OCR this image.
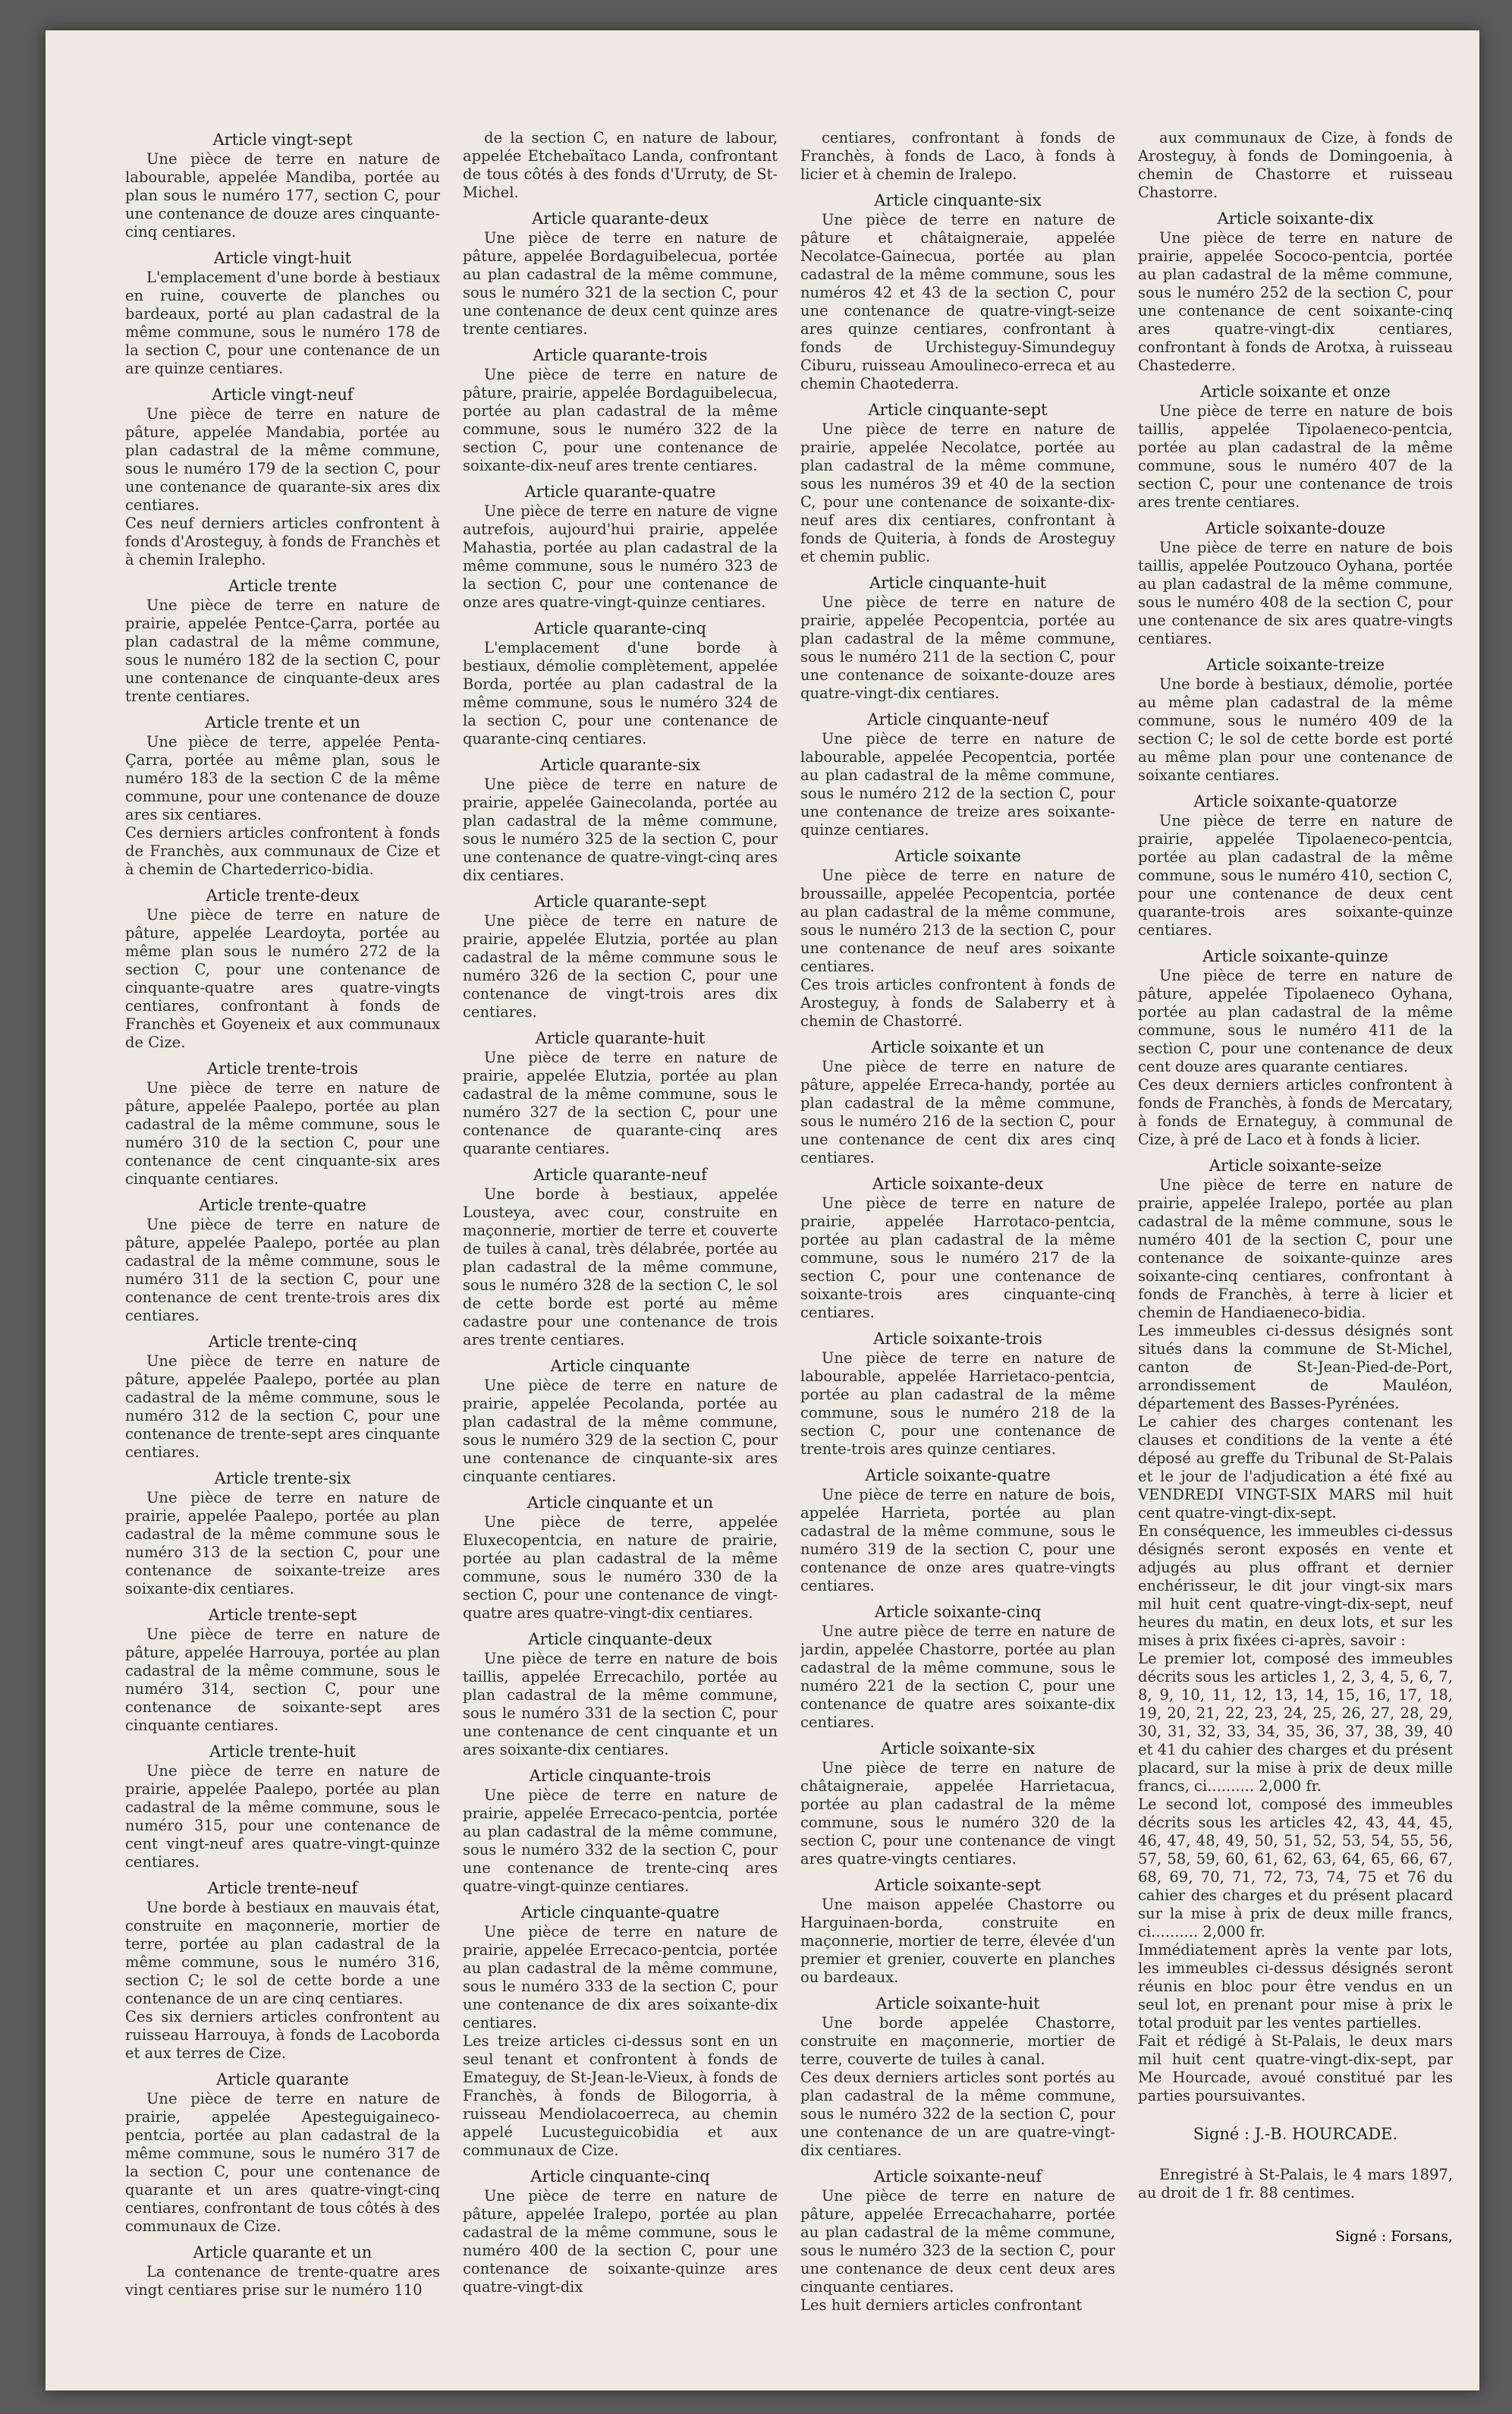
Article vingt-sept

Une pièce de terre en nature de labourable, appelée Mandiba, portée au plan sous le numéro 177, section C, pour une contenance de douze ares cinquante-cinq centiares.

Article vingt-huit

L'emplacement d'une borde à bestiaux en ruine, couverte de planches ou bardeaux, porté au plan cadastral de la même commune, sous le numéro 178 de la section C, pour une contenance de un are quinze centiares.

Article vingt-neuf

Une pièce de terre en nature de pâture, appelée Mandabia, portée au plan cadastral de la même commune, sous le numéro 179 de la section C, pour une contenance de quarante-six ares dix centiares.
Ces neuf derniers articles confrontent à fonds d'Arosteguy, à fonds de Franchès et à chemin Iralepho.

Article trente

Une pièce de terre en nature de prairie, appelée Pentce-Çarra, portée au plan cadastral de la même commune, sous le numéro 182 de la section C, pour une contenance de cinquante-deux ares trente centiares.

Article trente et un

Une pièce de terre, appelée Penta-Çarra, portée au même plan, sous le numéro 183 de la section C de la même commune, pour une contenance de douze ares six centiares.
Ces derniers articles confrontent à fonds de Franchès, aux communaux de Cize et à chemin de Chartederrico-bidia.

Article trente-deux

Une pièce de terre en nature de pâture, appelée Leardoyta, portée au même plan sous le numéro 272 de la section C, pour une contenance de cinquante-quatre ares quatre-vingts centiares, confrontant à fonds de Franchès et Goyeneix et aux communaux de Cize.

Article trente-trois

Une pièce de terre en nature de pâture, appelée Paalepo, portée au plan cadastral de la même commune, sous le numéro 310 de la section C, pour une contenance de cent cinquante-six ares cinquante centiares.

Article trente-quatre

Une pièce de terre en nature de pâture, appelée Paalepo, portée au plan cadastral de la même commune, sous le numéro 311 de la section C, pour une contenance de cent trente-trois ares dix centiares.

Article trente-cinq

Une pièce de terre en nature de pâture, appelée Paalepo, portée au plan cadastral de la même commune, sous le numéro 312 de la section C, pour une contenance de trente-sept ares cinquante centiares.

Article trente-six

Une pièce de terre en nature de prairie, appelée Paalepo, portée au plan cadastral de la même commune sous le numéro 313 de la section C, pour une contenance de soixante-treize ares soixante-dix centiares.

Article trente-sept

Une pièce de terre en nature de pâture, appelée Harrouya, portée au plan cadastral de la même commune, sous le numéro 314, section C, pour une contenance de soixante-sept ares cinquante centiares.

Article trente-huit

Une pièce de terre en nature de prairie, appelée Paalepo, portée au plan cadastral de la même commune, sous le numéro 315, pour une contenance de cent vingt-neuf ares quatre-vingt-quinze centiares.

Article trente-neuf

Une borde à bestiaux en mauvais état, construite en maçonnerie, mortier de terre, portée au plan cadastral de la même commune, sous le numéro 316, section C; le sol de cette borde a une contenance de un are cinq centiares.
Ces six derniers articles confrontent au ruisseau Harrouya, à fonds de Lacoborda et aux terres de Cize.

Article quarante

Une pièce de terre en nature de prairie, appelée Apesteguigaineco-pentcia, portée au plan cadastral de la même commune, sous le numéro 317 de la section C, pour une contenance de quarante et un ares quatre-vingt-cinq centiares, confrontant de tous côtés à des communaux de Cize.

Article quarante et un

La contenance de trente-quatre ares vingt centiares prise sur le numéro 110

de la section C, en nature de labour, appelée Etchebaïtaco Landa, confrontant de tous côtés à des fonds d'Urruty, de St-Michel.

Article quarante-deux

Une pièce de terre en nature de pâture, appelée Bordaguibelecua, portée au plan cadastral de la même commune, sous le numéro 321 de la section C, pour une contenance de deux cent quinze ares trente centiares.

Article quarante-trois

Une pièce de terre en nature de pâture, prairie, appelée Bordaguibelecua, portée au plan cadastral de la même commune, sous le numéro 322 de la section C, pour une contenance de soixante-dix-neuf ares trente centiares.

Article quarante-quatre

Une pièce de terre en nature de vigne autrefois, aujourd'hui prairie, appelée Mahastia, portée au plan cadastral de la même commune, sous le numéro 323 de la section C, pour une contenance de onze ares quatre-vingt-quinze centiares.

Article quarante-cinq

L'emplacement d'une borde à bestiaux, démolie complètement, appelée Borda, portée au plan cadastral de la même commune, sous le numéro 324 de la section C, pour une contenance de quarante-cinq centiares.

Article quarante-six

Une pièce de terre en nature de prairie, appelée Gainecolanda, portée au plan cadastral de la même commune, sous le numéro 325 de la section C, pour une contenance de quatre-vingt-cinq ares dix centiares.

Article quarante-sept

Une pièce de terre en nature de prairie, appelée Elutzia, portée au plan cadastral de la même commune sous le numéro 326 de la section C, pour une contenance de vingt-trois ares dix centiares.

Article quarante-huit

Une pièce de terre en nature de prairie, appelée Elutzia, portée au plan cadastral de la même commune, sous le numéro 327 de la section C, pour une contenance de quarante-cinq ares quarante centiares.

Article quarante-neuf

Une borde à bestiaux, appelée Lousteya, avec cour, construite en maçonnerie, mortier de terre et couverte de tuiles à canal, très délabrée, portée au plan cadastral de la même commune, sous le numéro 328 de la section C, le sol de cette borde est porté au même cadastre pour une contenance de trois ares trente centiares.

Article cinquante

Une pièce de terre en nature de prairie, appelée Pecolanda, portée au plan cadastral de la même commune, sous le numéro 329 de la section C, pour une contenance de cinquante-six ares cinquante centiares.

Article cinquante et un

Une pièce de terre, appelée Eluxecopentcia, en nature de prairie, portée au plan cadastral de la même commune, sous le numéro 330 de la section C, pour une contenance de vingt-quatre ares quatre-vingt-dix centiares.

Article cinquante-deux

Une pièce de terre en nature de bois taillis, appelée Errecachilo, portée au plan cadastral de la même commune, sous le numéro 331 de la section C, pour une contenance de cent cinquante et un ares soixante-dix centiares.

Article cinquante-trois

Une pièce de terre en nature de prairie, appelée Errecaco-pentcia, portée au plan cadastral de la même commune, sous le numéro 332 de la section C, pour une contenance de trente-cinq ares quatre-vingt-quinze centiares.

Article cinquante-quatre

Une pièce de terre en nature de prairie, appelée Errecaco-pentcia, portée au plan cadastral de la même commune, sous le numéro 333 de la section C, pour une contenance de dix ares soixante-dix centiares.
Les treize articles ci-dessus sont en un seul tenant et confrontent à fonds de Emateguy, de St-Jean-le-Vieux, à fonds de Franchès, à fonds de Bilogorria, à ruisseau Mendiolacoerreca, au chemin appelé Lucusteguicobidia et aux communaux de Cize.

Article cinquante-cinq

Une pièce de terre en nature de pâture, appelée Iralepo, portée au plan cadastral de la même commune, sous le numéro 400 de la section C, pour une contenance de soixante-quinze ares quatre-vingt-dix

centiares, confrontant à fonds de Franchès, à fonds de Laco, à fonds à licier et à chemin de Iralepo.

Article cinquante-six

Une pièce de terre en nature de pâture et châtaigneraie, appelée Necolatce-Gainecua, portée au plan cadastral de la même commune, sous les numéros 42 et 43 de la section C, pour une contenance de quatre-vingt-seize ares quinze centiares, confrontant à fonds de Urchisteguy-Simundeguy Ciburu, ruisseau Amoulineco-erreca et au chemin Chaotederra.

Article cinquante-sept

Une pièce de terre en nature de prairie, appelée Necolatce, portée au plan cadastral de la même commune, sous les numéros 39 et 40 de la section C, pour une contenance de soixante-dix-neuf ares dix centiares, confrontant à fonds de Quiteria, à fonds de Arosteguy et chemin public.

Article cinquante-huit

Une pièce de terre en nature de prairie, appelée Pecopentcia, portée au plan cadastral de la même commune, sous le numéro 211 de la section C, pour une contenance de soixante-douze ares quatre-vingt-dix centiares.

Article cinquante-neuf

Une pièce de terre en nature de labourable, appelée Pecopentcia, portée au plan cadastral de la même commune, sous le numéro 212 de la section C, pour une contenance de treize ares soixante-quinze centiares.

Article soixante

Une pièce de terre en nature de broussaille, appelée Pecopentcia, portée au plan cadastral de la même commune, sous le numéro 213 de la section C, pour une contenance de neuf ares soixante centiares.
Ces trois articles confrontent à fonds de Arosteguy, à fonds de Salaberry et à chemin de Chastorré.

Article soixante et un

Une pièce de terre en nature de pâture, appelée Erreca-handy, portée au plan cadastral de la même commune, sous le numéro 216 de la section C, pour une contenance de cent dix ares cinq centiares.

Article soixante-deux

Une pièce de terre en nature de prairie, appelée Harrotaco-pentcia, portée au plan cadastral de la même commune, sous le numéro 217 de la section C, pour une contenance de soixante-trois ares cinquante-cinq centiares.

Article soixante-trois

Une pièce de terre en nature de labourable, appelée Harrietaco-pentcia, portée au plan cadastral de la même commune, sous le numéro 218 de la section C, pour une contenance de trente-trois ares quinze centiares.

Article soixante-quatre

Une pièce de terre en nature de bois, appelée Harrieta, portée au plan cadastral de la même commune, sous le numéro 319 de la section C, pour une contenance de onze ares quatre-vingts centiares.

Article soixante-cinq

Une autre pièce de terre en nature de jardin, appelée Chastorre, portée au plan cadastral de la même commune, sous le numéro 221 de la section C, pour une contenance de quatre ares soixante-dix centiares.

Article soixante-six

Une pièce de terre en nature de châtaigneraie, appelée Harrietacua, portée au plan cadastral de la même commune, sous le numéro 320 de la section C, pour une contenance de vingt ares quatre-vingts centiares.

Article soixante-sept

Une maison appelée Chastorre ou Harguinaen-borda, construite en maçonnerie, mortier de terre, élevée d'un premier et grenier, couverte en planches ou bardeaux.

Article soixante-huit

Une borde appelée Chastorre, construite en maçonnerie, mortier de terre, couverte de tuiles à canal.
Ces deux derniers articles sont portés au plan cadastral de la même commune, sous le numéro 322 de la section C, pour une contenance de un are quatre-vingt-dix centiares.

Article soixante-neuf

Une pièce de terre en nature de pâture, appelée Errecachaharre, portée au plan cadastral de la même commune, sous le numéro 323 de la section C, pour une contenance de deux cent deux ares cinquante centiares.
Les huit derniers articles confrontant

aux communaux de Cize, à fonds de Arosteguy, à fonds de Domingoenia, à chemin de Chastorre et ruisseau Chastorre.

Article soixante-dix

Une pièce de terre en nature de prairie, appelée Sococo-pentcia, portée au plan cadastral de la même commune, sous le numéro 252 de la section C, pour une contenance de cent soixante-cinq ares quatre-vingt-dix centiares, confrontant à fonds de Arotxa, à ruisseau Chastederre.

Article soixante et onze

Une pièce de terre en nature de bois taillis, appelée Tipolaeneco-pentcia, portée au plan cadastral de la même commune, sous le numéro 407 de la section C, pour une contenance de trois ares trente centiares.

Article soixante-douze

Une pièce de terre en nature de bois taillis, appelée Poutzouco Oyhana, portée au plan cadastral de la même commune, sous le numéro 408 de la section C, pour une contenance de six ares quatre-vingts centiares.

Article soixante-treize

Une borde à bestiaux, démolie, portée au même plan cadastral de la même commune, sous le numéro 409 de la section C; le sol de cette borde est porté au même plan pour une contenance de soixante centiares.

Article soixante-quatorze

Une pièce de terre en nature de prairie, appelée Tipolaeneco-pentcia, portée au plan cadastral de la même commune, sous le numéro 410, section C, pour une contenance de deux cent quarante-trois ares soixante-quinze centiares.

Article soixante-quinze

Une pièce de terre en nature de pâture, appelée Tipolaeneco Oyhana, portée au plan cadastral de la même commune, sous le numéro 411 de la section C, pour une contenance de deux cent douze ares quarante centiares.
Ces deux derniers articles confrontent à fonds de Franchès, à fonds de Mercatary, à fonds de Ernateguy, à communal de Cize, à pré de Laco et à fonds à licier.

Article soixante-seize

Une pièce de terre en nature de prairie, appelée Iralepo, portée au plan cadastral de la même commune, sous le numéro 401 de la section C, pour une contenance de soixante-quinze ares soixante-cinq centiares, confrontant à fonds de Franchès, à terre à licier et chemin de Handiaeneco-bidia.
Les immeubles ci-dessus désignés sont situés dans la commune de St-Michel, canton de St-Jean-Pied-de-Port, arrondissement de Mauléon, département des Basses-Pyrénées.
Le cahier des charges contenant les clauses et conditions de la vente a été déposé au greffe du Tribunal de St-Palais et le jour de l'adjudication a été fixé au VENDREDI VINGT-SIX MARS mil huit cent quatre-vingt-dix-sept.
En conséquence, les immeubles ci-dessus désignés seront exposés en vente et adjugés au plus offrant et dernier enchérisseur, le dit jour vingt-six mars mil huit cent quatre-vingt-dix-sept, neuf heures du matin, en deux lots, et sur les mises à prix fixées ci-après, savoir :
Le premier lot, composé des immeubles décrits sous les articles 1, 2, 3, 4, 5, 6, 7, 8, 9, 10, 11, 12, 13, 14, 15, 16, 17, 18, 19, 20, 21, 22, 23, 24, 25, 26, 27, 28, 29, 30, 31, 32, 33, 34, 35, 36, 37, 38, 39, 40 et 41 du cahier des charges et du présent placard, sur la mise à prix de deux mille francs, ci.......... 2,000 fr.
Le second lot, composé des immeubles décrits sous les articles 42, 43, 44, 45, 46, 47, 48, 49, 50, 51, 52, 53, 54, 55, 56, 57, 58, 59, 60, 61, 62, 63, 64, 65, 66, 67, 68, 69, 70, 71, 72, 73, 74, 75 et 76 du cahier des charges et du présent placard sur la mise à prix de deux mille francs, ci.......... 2,000 fr.
Immédiatement après la vente par lots, les immeubles ci-dessus désignés seront réunis en bloc pour être vendus en un seul lot, en prenant pour mise à prix le total produit par les ventes partielles.
Fait et rédigé à St-Palais, le deux mars mil huit cent quatre-vingt-dix-sept, par Me Hourcade, avoué constitué par les parties poursuivantes.

Signé : J.-B. HOURCADE.

Enregistré à St-Palais, le 4 mars 1897, au droit de 1 fr. 88 centimes.

Signé : Forsans,
